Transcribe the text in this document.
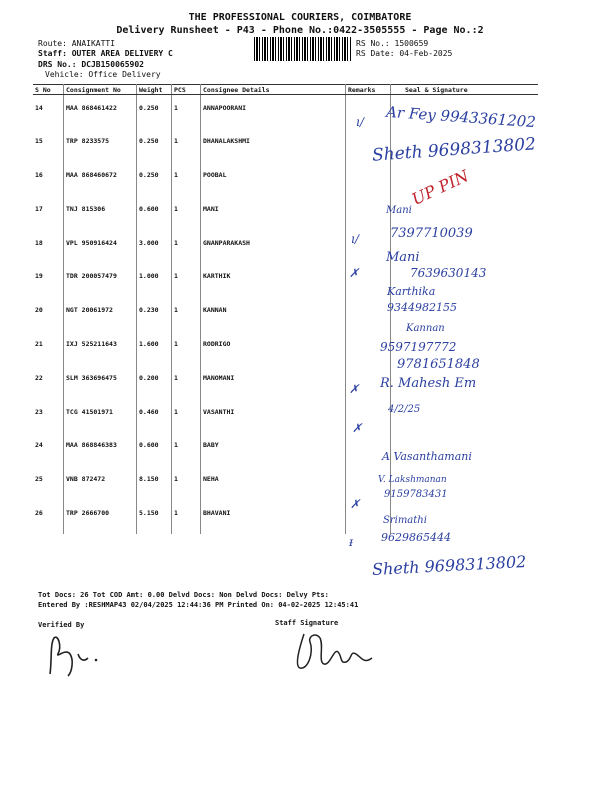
THE PROFESSIONAL COURIERS, COIMBATORE
Delivery Runsheet - P43 - Phone No.:0422-3505555 - Page No.:2
Route: ANAIKATTI
Staff: OUTER AREA DELIVERY C
DRS No.: DCJB150065902
Vehicle: Office Delivery
RS No.: 1500659
RS Date: 04-Feb-2025
S No	Consignment No	Weight	PCS	Consignee Details	Remarks	Seal & Signature
14	MAA 868461422	0.250	1	ANNAPOORANI		
15	TRP 8233575	0.250	1	DHANALAKSHMI		
16	MAA 868460672	0.250	1	POOBAL		
17	TNJ 815306	0.600	1	MANI		
18	VPL 950916424	3.000	1	GNANPARAKASH		
19	TDR 200057479	1.000	1	KARTHIK		
20	NGT 20061972	0.230	1	KANNAN		
21	IXJ 525211643	1.600	1	RODRIGO		
22	SLM 363696475	0.200	1	MANOMANI		
23	TCG 41501971	0.460	1	VASANTHI		
24	MAA 868846383	0.600	1	BABY		
25	VNB 872472	8.150	1	NEHA		
26	TRP 2666700	5.150	1	BHAVANI		
Ar Fey 9943361202
ı∕
Sheth 9698313802
UP PIN
Mani
7397710039
ı∕
Mani
7639630143
✗
Karthika
9344982155
Kannan
9597197772
9781651848
R. Mahesh Em
✗
4/2/25
✗
A Vasanthamani
V. Lakshmanan
9159783431
✗
Srimathi
9629865444
ᵻ
Sheth 9698313802
Tot Docs: 26 Tot COD Amt: 0.00 Delvd Docs: Non Delvd Docs: Delvy Pts:
Entered By :RESHMAP43 02/04/2025 12:44:36 PM Printed On: 04-02-2025 12:45:41
Verified By	Staff Signature
